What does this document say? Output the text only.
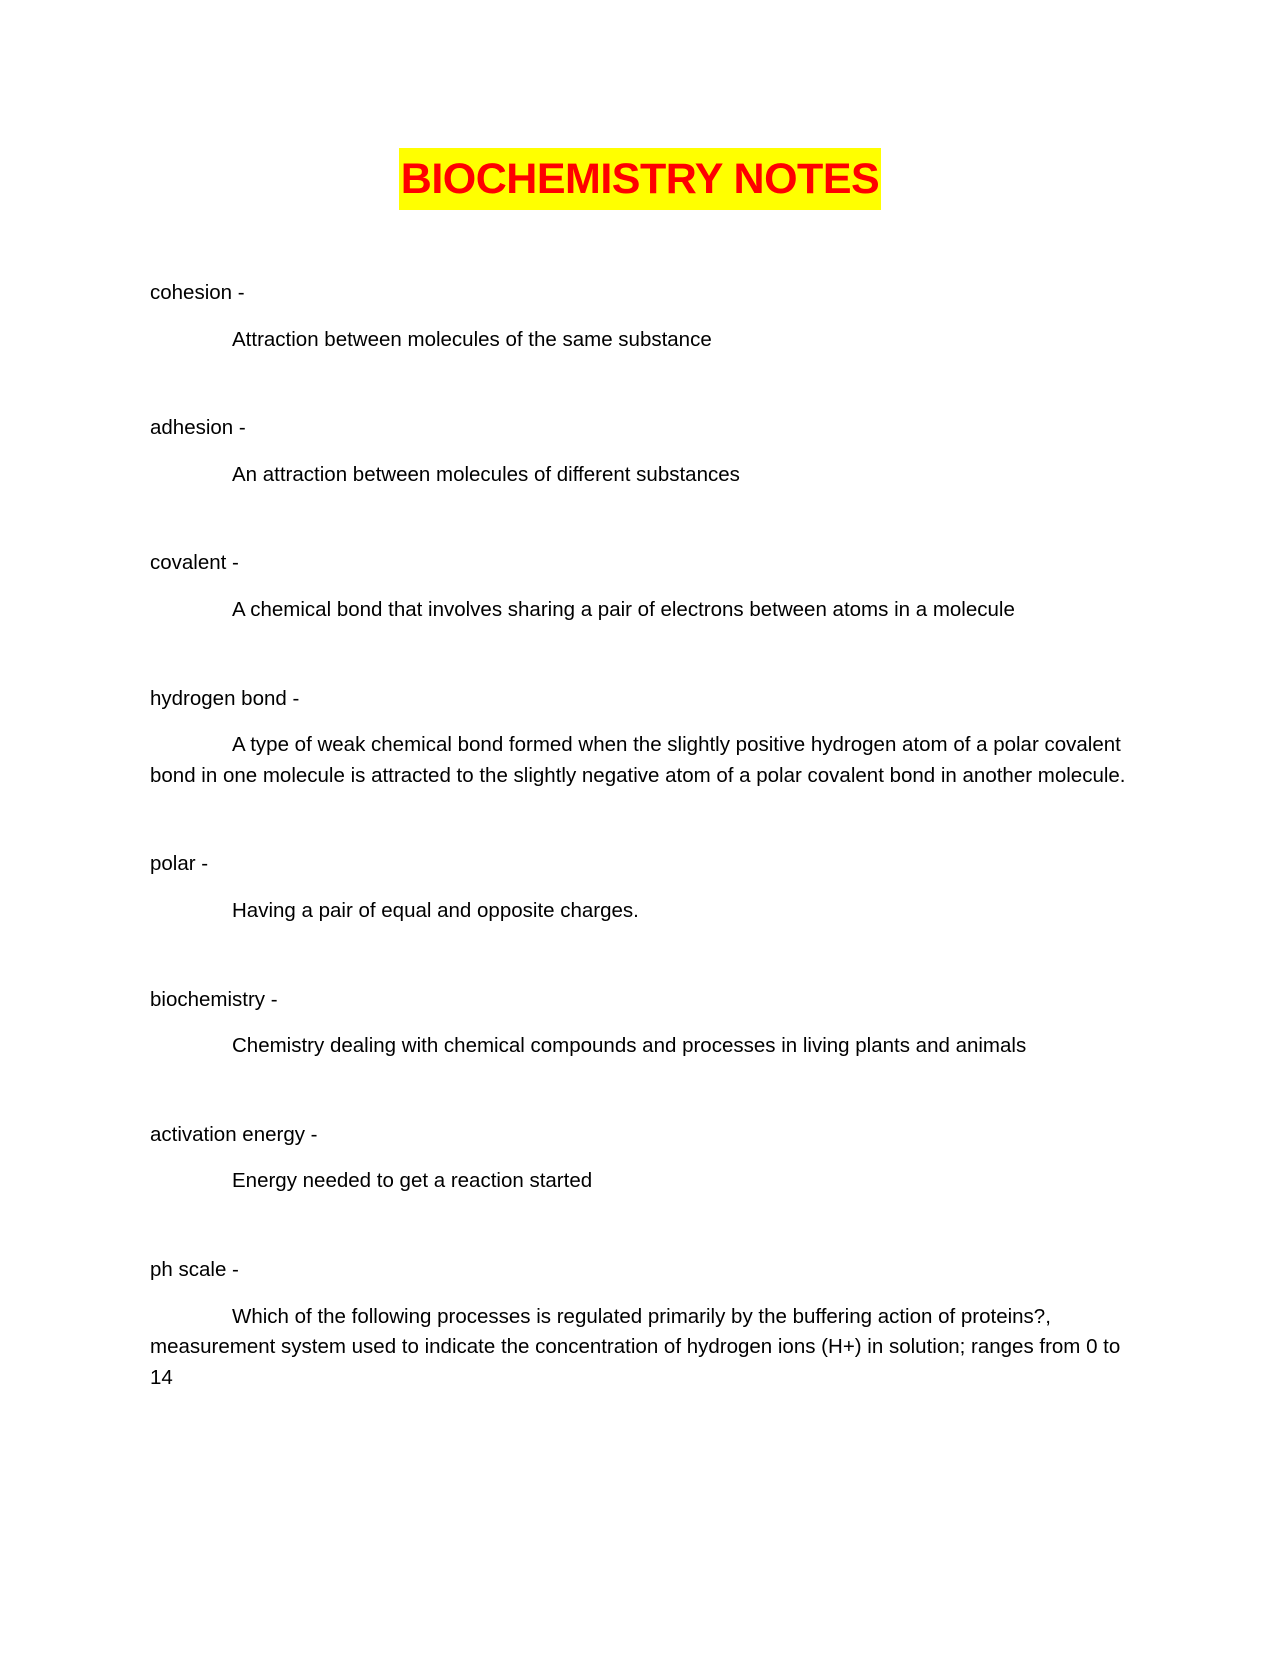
BIOCHEMISTRY NOTES

cohesion -

Attraction between molecules of the same substance

adhesion -

An attraction between molecules of different substances

covalent -

A chemical bond that involves sharing a pair of electrons between atoms in a molecule

hydrogen bond -

A type of weak chemical bond formed when the slightly positive hydrogen atom of a polar covalent bond in one molecule is attracted to the slightly negative atom of a polar covalent bond in another molecule.

polar -

Having a pair of equal and opposite charges.

biochemistry -

Chemistry dealing with chemical compounds and processes in living plants and animals

activation energy -

Energy needed to get a reaction started

ph scale -

Which of the following processes is regulated primarily by the buffering action of proteins?, measurement system used to indicate the concentration of hydrogen ions (H+) in solution; ranges from 0 to 14
